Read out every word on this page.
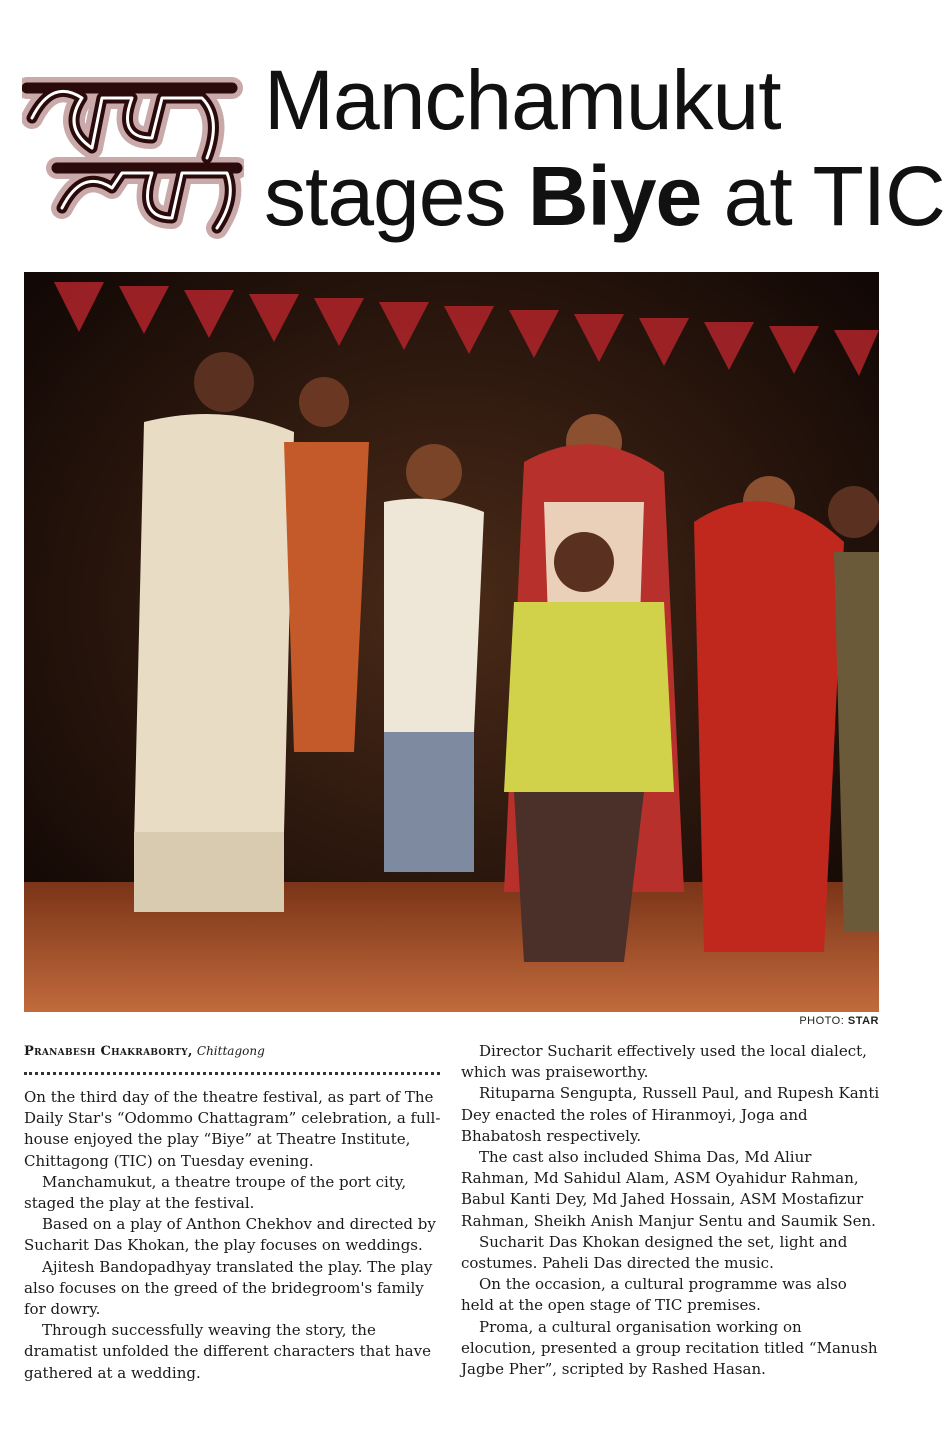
Manchamukut
stages Biye at TIC
PHOTO: STAR
Pranabesh Chakraborty, Chittagong

On the third day of the theatre festival, as part of The Daily Star's “Odommo Chattagram” celebration, a full-house enjoyed the play “Biye” at Theatre Institute, Chittagong (TIC) on Tuesday evening.

Manchamukut, a theatre troupe of the port city, staged the play at the festival.

Based on a play of Anthon Chekhov and directed by Sucharit Das Khokan, the play focuses on weddings.

Ajitesh Bandopadhyay translated the play. The play also focuses on the greed of the bridegroom's family for dowry.

Through successfully weaving the story, the dramatist unfolded the different characters that have gathered at a wedding.

Director Sucharit effectively used the local dialect, which was praiseworthy.

Rituparna Sengupta, Russell Paul, and Rupesh Kanti Dey enacted the roles of Hiranmoyi, Joga and Bhabatosh respectively.

The cast also included Shima Das, Md Aliur Rahman, Md Sahidul Alam, ASM Oyahidur Rahman, Babul Kanti Dey, Md Jahed Hossain, ASM Mostafizur Rahman, Sheikh Anish Manjur Sentu and Saumik Sen.

Sucharit Das Khokan designed the set, light and costumes. Paheli Das directed the music.

On the occasion, a cultural programme was also held at the open stage of TIC premises.

Proma, a cultural organisation working on elocution, presented a group recitation titled “Manush Jagbe Pher”, scripted by Rashed Hasan.
